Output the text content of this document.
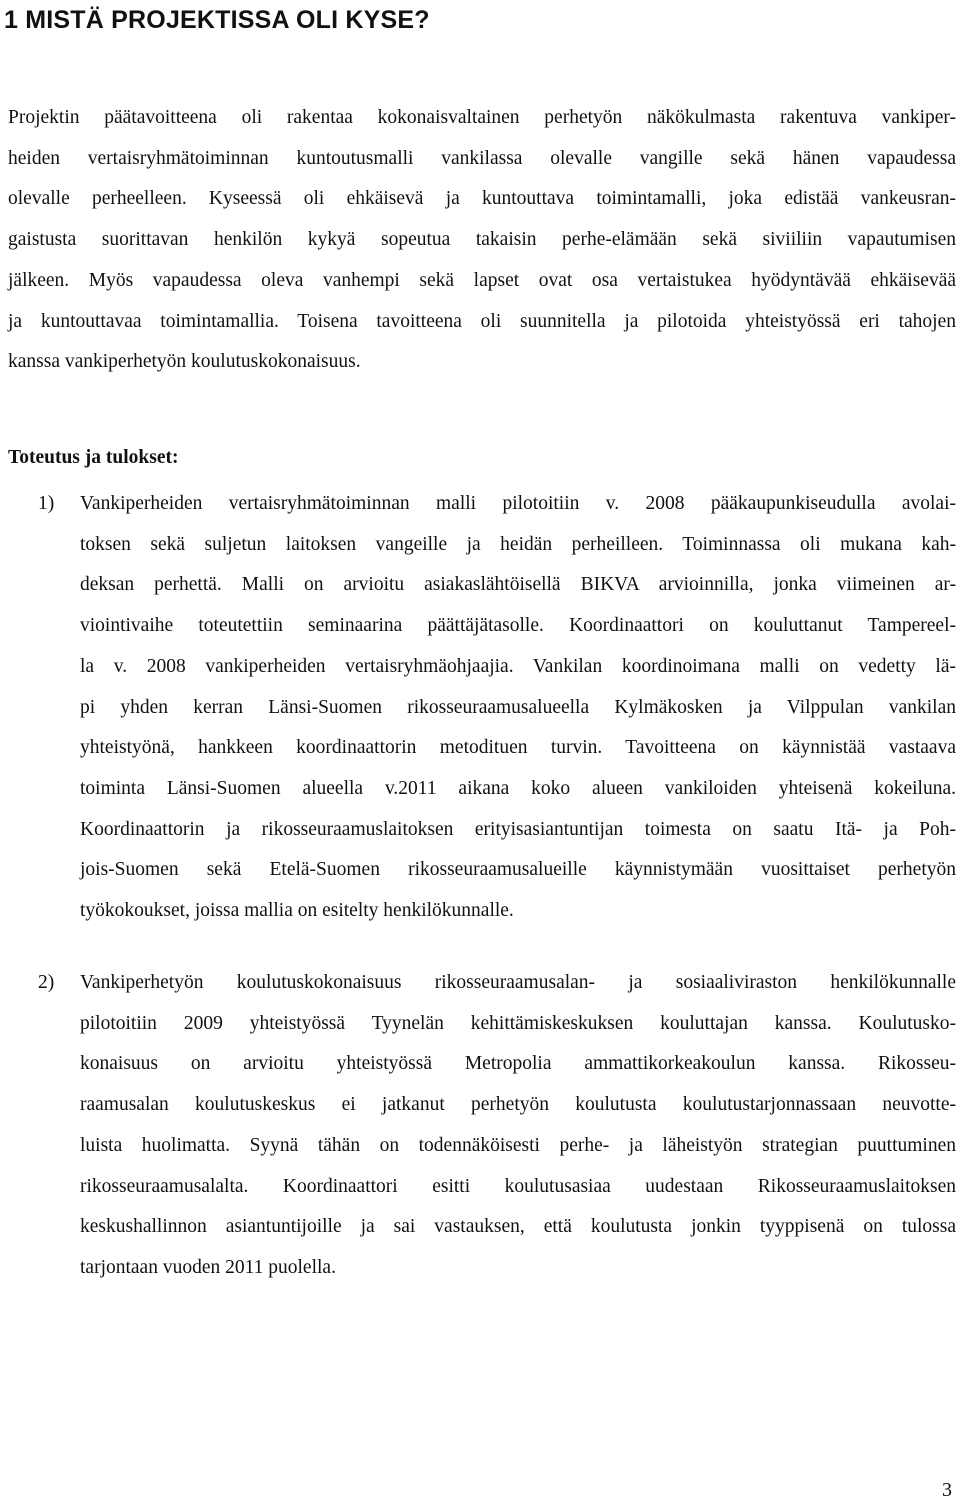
1 MISTÄ PROJEKTISSA OLI KYSE?

Projektin päätavoitteena oli rakentaa kokonaisvaltainen perhetyön näkökulmasta rakentuva vankiper-
heiden vertaisryhmätoiminnan kuntoutusmalli vankilassa olevalle vangille sekä hänen vapaudessa
olevalle perheelleen. Kyseessä oli ehkäisevä ja kuntouttava toimintamalli, joka edistää vankeusran-
gaistusta suorittavan henkilön kykyä sopeutua takaisin perhe-elämään sekä siviiliin vapautumisen
jälkeen. Myös vapaudessa oleva vanhempi sekä lapset ovat osa vertaistukea hyödyntävää ehkäisevää
ja kuntouttavaa toimintamallia. Toisena tavoitteena oli suunnitella ja pilotoida yhteistyössä eri tahojen
kanssa vankiperhetyön koulutuskokonaisuus.

Toteutus ja tulokset:
1) Vankiperheiden vertaisryhmätoiminnan malli pilotoitiin v. 2008 pääkaupunkiseudulla avolai-
toksen sekä suljetun laitoksen vangeille ja heidän perheilleen. Toiminnassa oli mukana kah-
deksan perhettä. Malli on arvioitu asiakaslähtöisellä BIKVA arvioinnilla, jonka viimeinen ar-
viointivaihe toteutettiin seminaarina päättäjätasolle. Koordinaattori on kouluttanut Tampereel-
la v. 2008 vankiperheiden vertaisryhmäohjaajia. Vankilan koordinoimana malli on vedetty lä-
pi yhden kerran Länsi-Suomen rikosseuraamusalueella Kylmäkosken ja Vilppulan vankilan
yhteistyönä, hankkeen koordinaattorin metodituen turvin. Tavoitteena on käynnistää vastaava
toiminta Länsi-Suomen alueella v.2011 aikana koko alueen vankiloiden yhteisenä kokeiluna.
Koordinaattorin ja rikosseuraamuslaitoksen erityisasiantuntijan toimesta on saatu Itä- ja Poh-
jois-Suomen sekä Etelä-Suomen rikosseuraamusalueille käynnistymään vuosittaiset perhetyön
työkokoukset, joissa mallia on esitelty henkilökunnalle.

2) Vankiperhetyön koulutuskokonaisuus rikosseuraamusalan- ja sosiaaliviraston henkilökunnalle
pilotoitiin 2009 yhteistyössä Tyynelän kehittämiskeskuksen kouluttajan kanssa. Koulutusko-
konaisuus on arvioitu yhteistyössä Metropolia ammattikorkeakoulun kanssa. Rikosseu-
raamusalan koulutuskeskus ei jatkanut perhetyön koulutusta koulutustarjonnassaan neuvotte-
luista huolimatta. Syynä tähän on todennäköisesti perhe- ja läheistyön strategian puuttuminen
rikosseuraamusalalta. Koordinaattori esitti koulutusasiaa uudestaan Rikosseuraamuslaitoksen
keskushallinnon asiantuntijoille ja sai vastauksen, että koulutusta jonkin tyyppisenä on tulossa
tarjontaan vuoden 2011 puolella.

3
